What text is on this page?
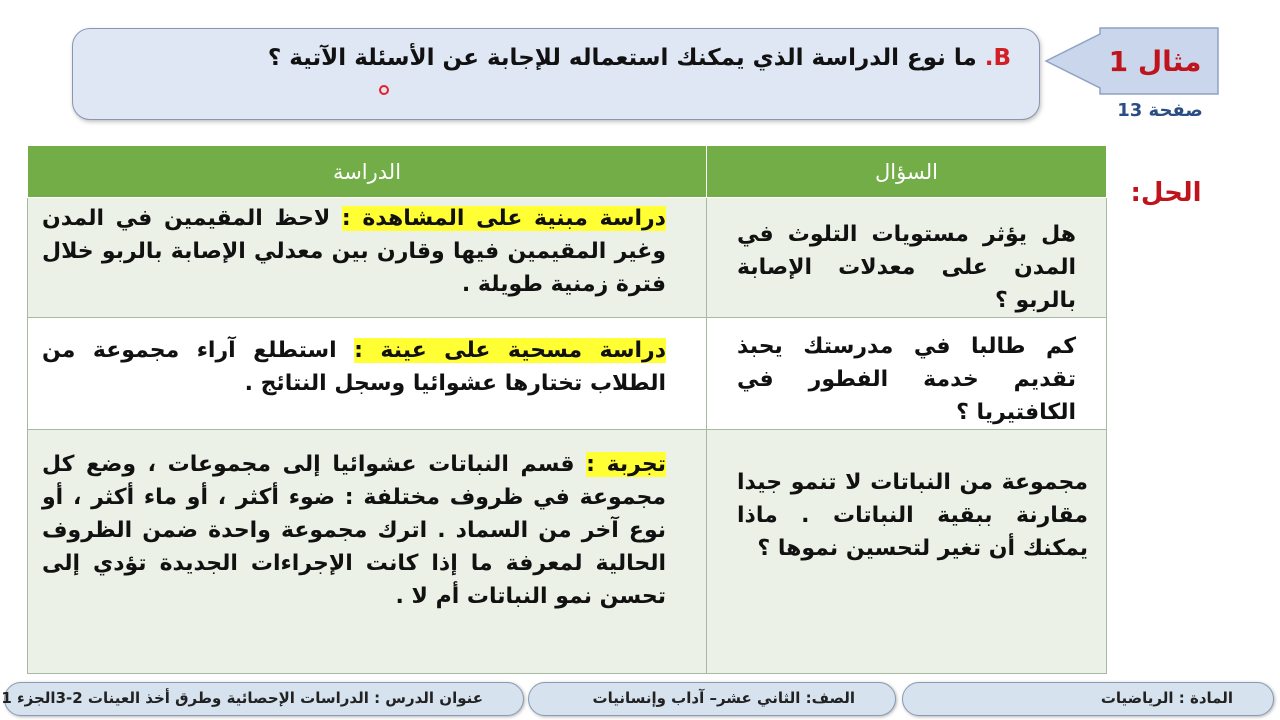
B. ما نوع الدراسة الذي يمكنك استعماله للإجابة عن الأسئلة الآتية ؟	مثال 1
صفحة 13
الحل:
الدراسة	السؤال
دراسة مبنية على المشاهدة : لاحظ المقيمين في المدن وغير المقيمين فيها وقارن بين معدلي الإصابة بالربو خلال فترة زمنية طويلة .	هل يؤثر مستويات التلوث في المدن على معدلات الإصابة بالربو ؟
دراسة مسحية على عينة : استطلع آراء مجموعة من الطلاب تختارها عشوائيا وسجل النتائج .	كم طالبا في مدرستك يحبذ تقديم خدمة الفطور في الكافتيريا ؟
تجربة : قسم النباتات عشوائيا إلى مجموعات ، وضع كل مجموعة في ظروف مختلفة : ضوء أكثر ، أو ماء أكثر ، أو نوع آخر من السماد . اترك مجموعة واحدة ضمن الظروف الحالية لمعرفة ما إذا كانت الإجراءات الجديدة تؤدي إلى تحسن نمو النباتات أم لا .	مجموعة من النباتات لا تنمو جيدا مقارنة ببقية النباتات . ماذا يمكنك أن تغير لتحسين نموها ؟
عنوان الدرس : الدراسات الإحصائية وطرق أخذ العينات 2-3الجزء 1	الصف: الثاني عشر– آداب وإنسانيات	المادة : الرياضيات
